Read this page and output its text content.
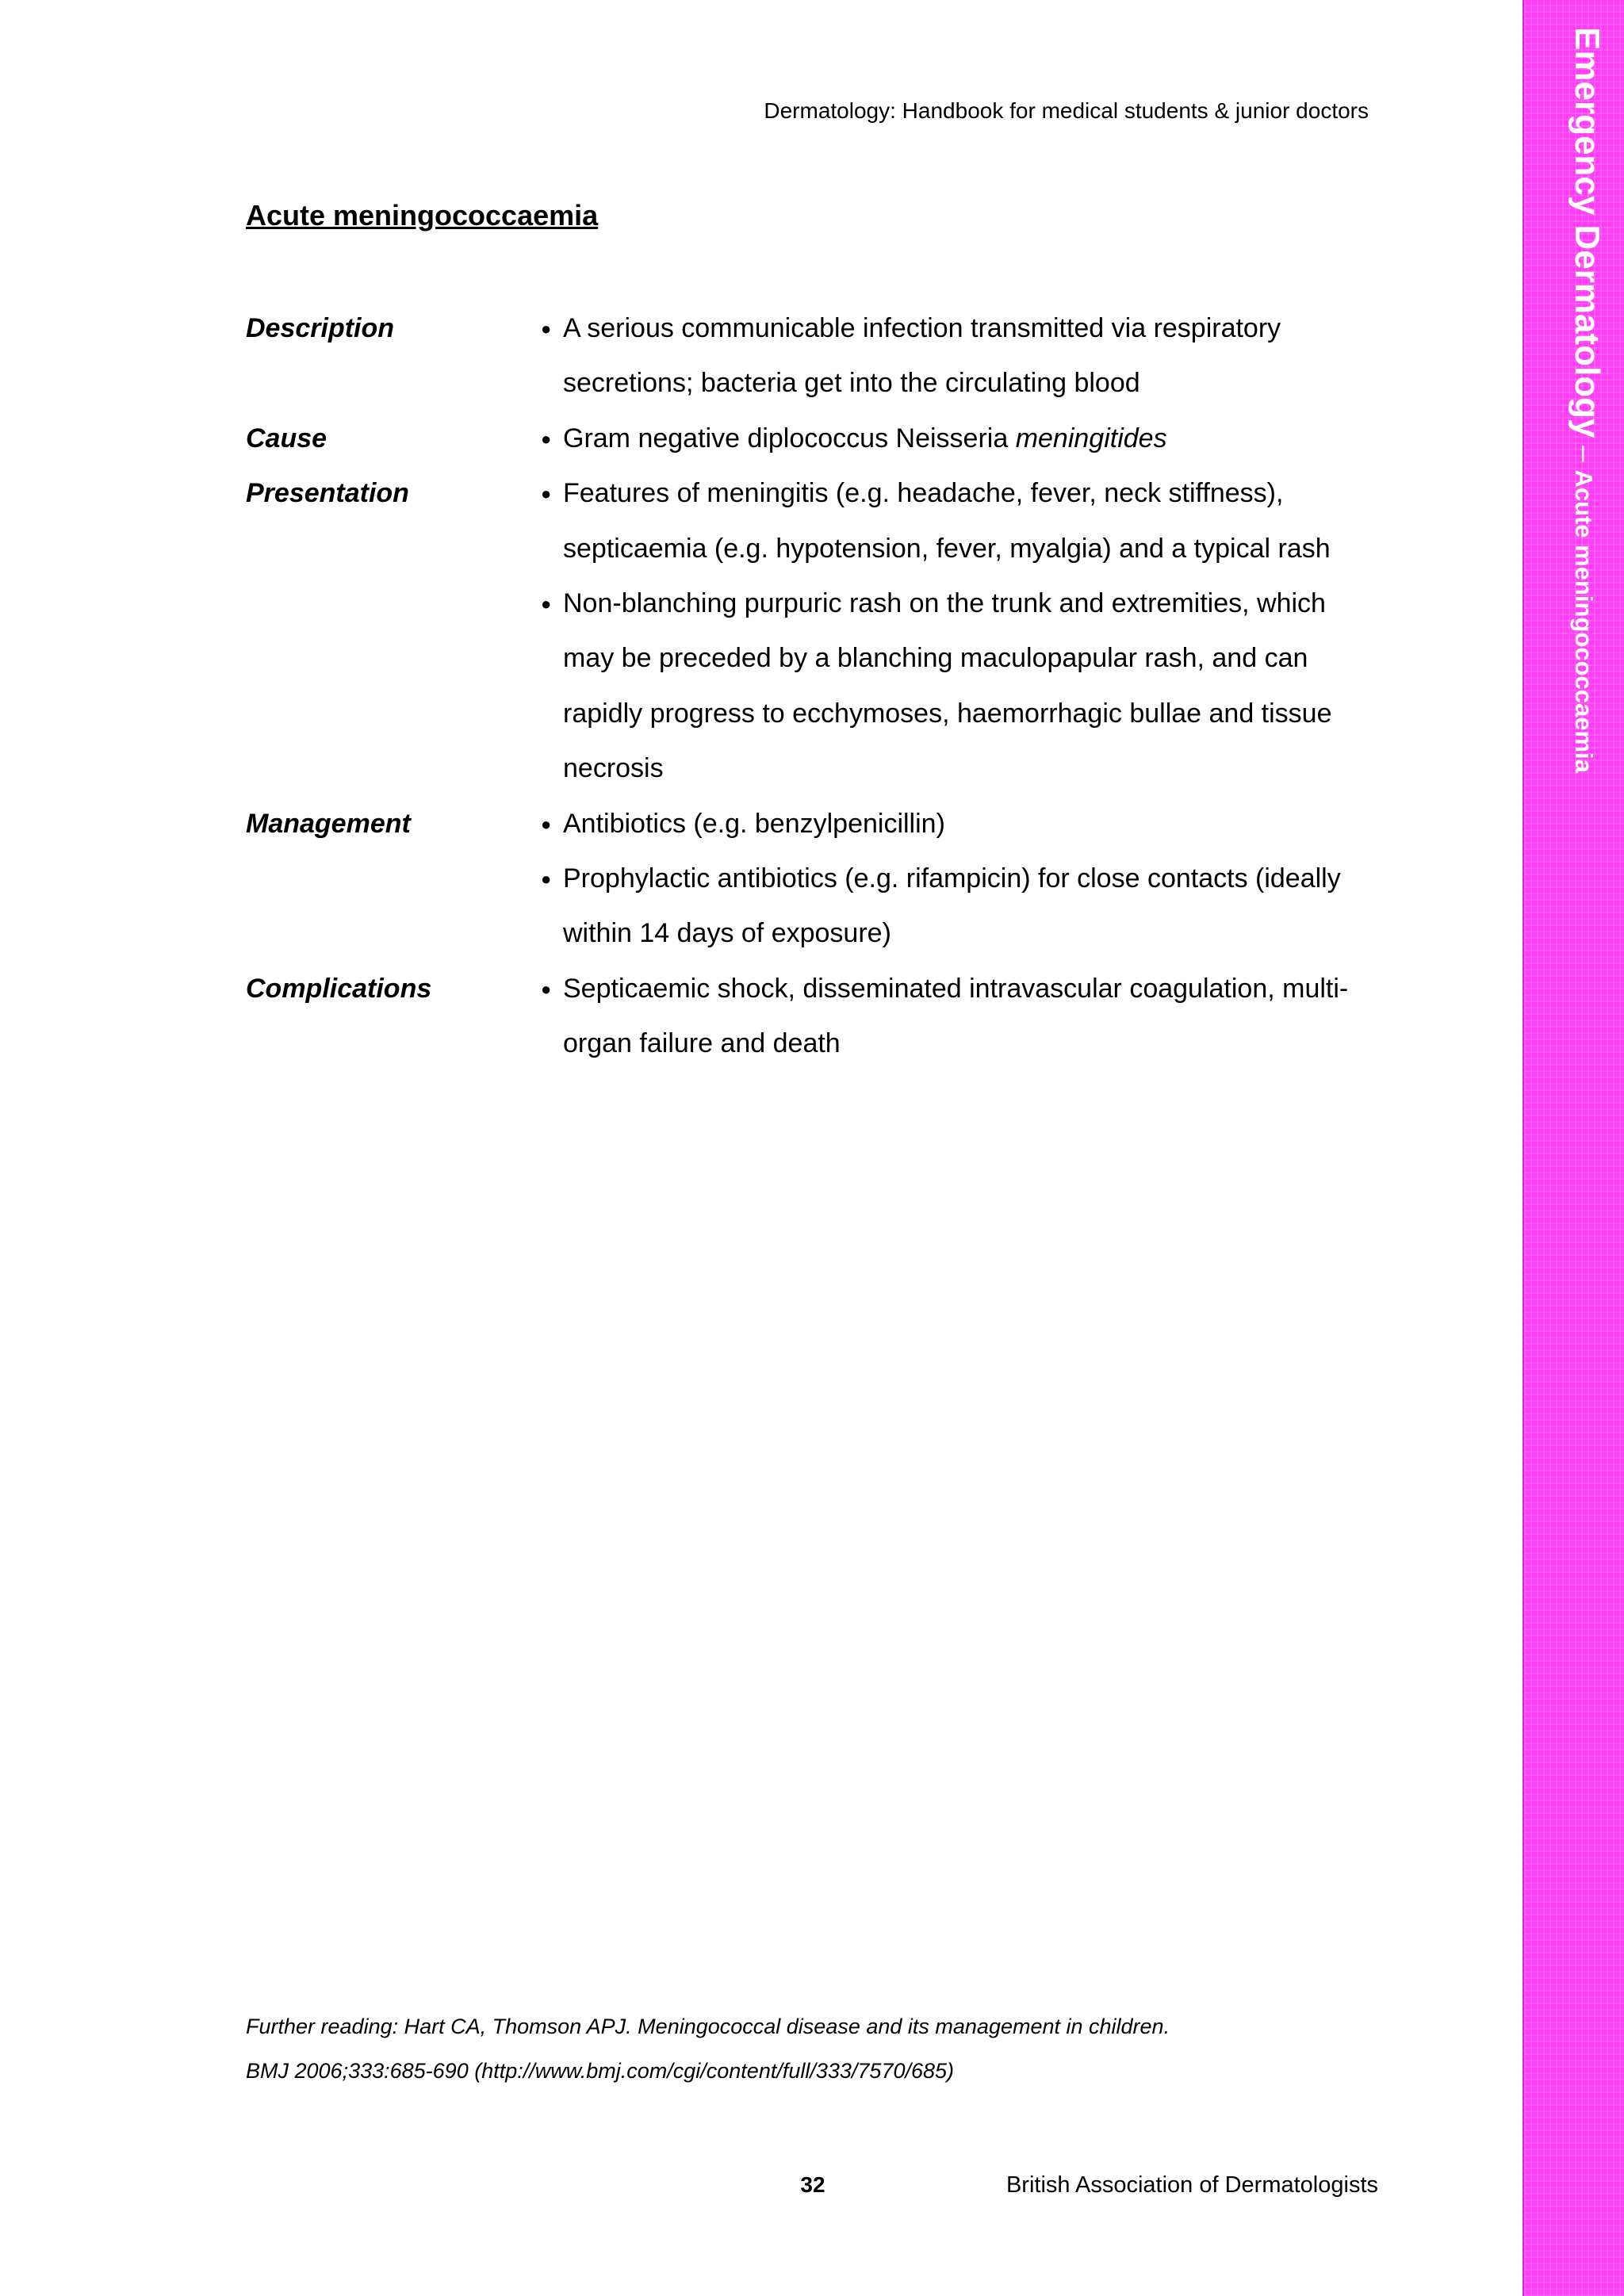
Dermatology: Handbook for medical students & junior doctors
Acute meningococcaemia
Description	● A serious communicable infection transmitted via respiratory secretions; bacteria get into the circulating blood
Cause	● Gram negative diplococcus Neisseria meningitides
Presentation	● Features of meningitis (e.g. headache, fever, neck stiffness), septicaemia (e.g. hypotension, fever, myalgia) and a typical rash
● Non-blanching purpuric rash on the trunk and extremities, which may be preceded by a blanching maculopapular rash, and can rapidly progress to ecchymoses, haemorrhagic bullae and tissue necrosis
Management	● Antibiotics (e.g. benzylpenicillin)
● Prophylactic antibiotics (e.g. rifampicin) for close contacts (ideally within 14 days of exposure)
Complications	● Septicaemic shock, disseminated intravascular coagulation, multi-organ failure and death
Further reading: Hart CA, Thomson APJ. Meningococcal disease and its management in children.
BMJ 2006;333:685-690 (http://www.bmj.com/cgi/content/full/333/7570/685)
32	British Association of Dermatologists
Emergency Dermatology – Acute meningococcaemia
